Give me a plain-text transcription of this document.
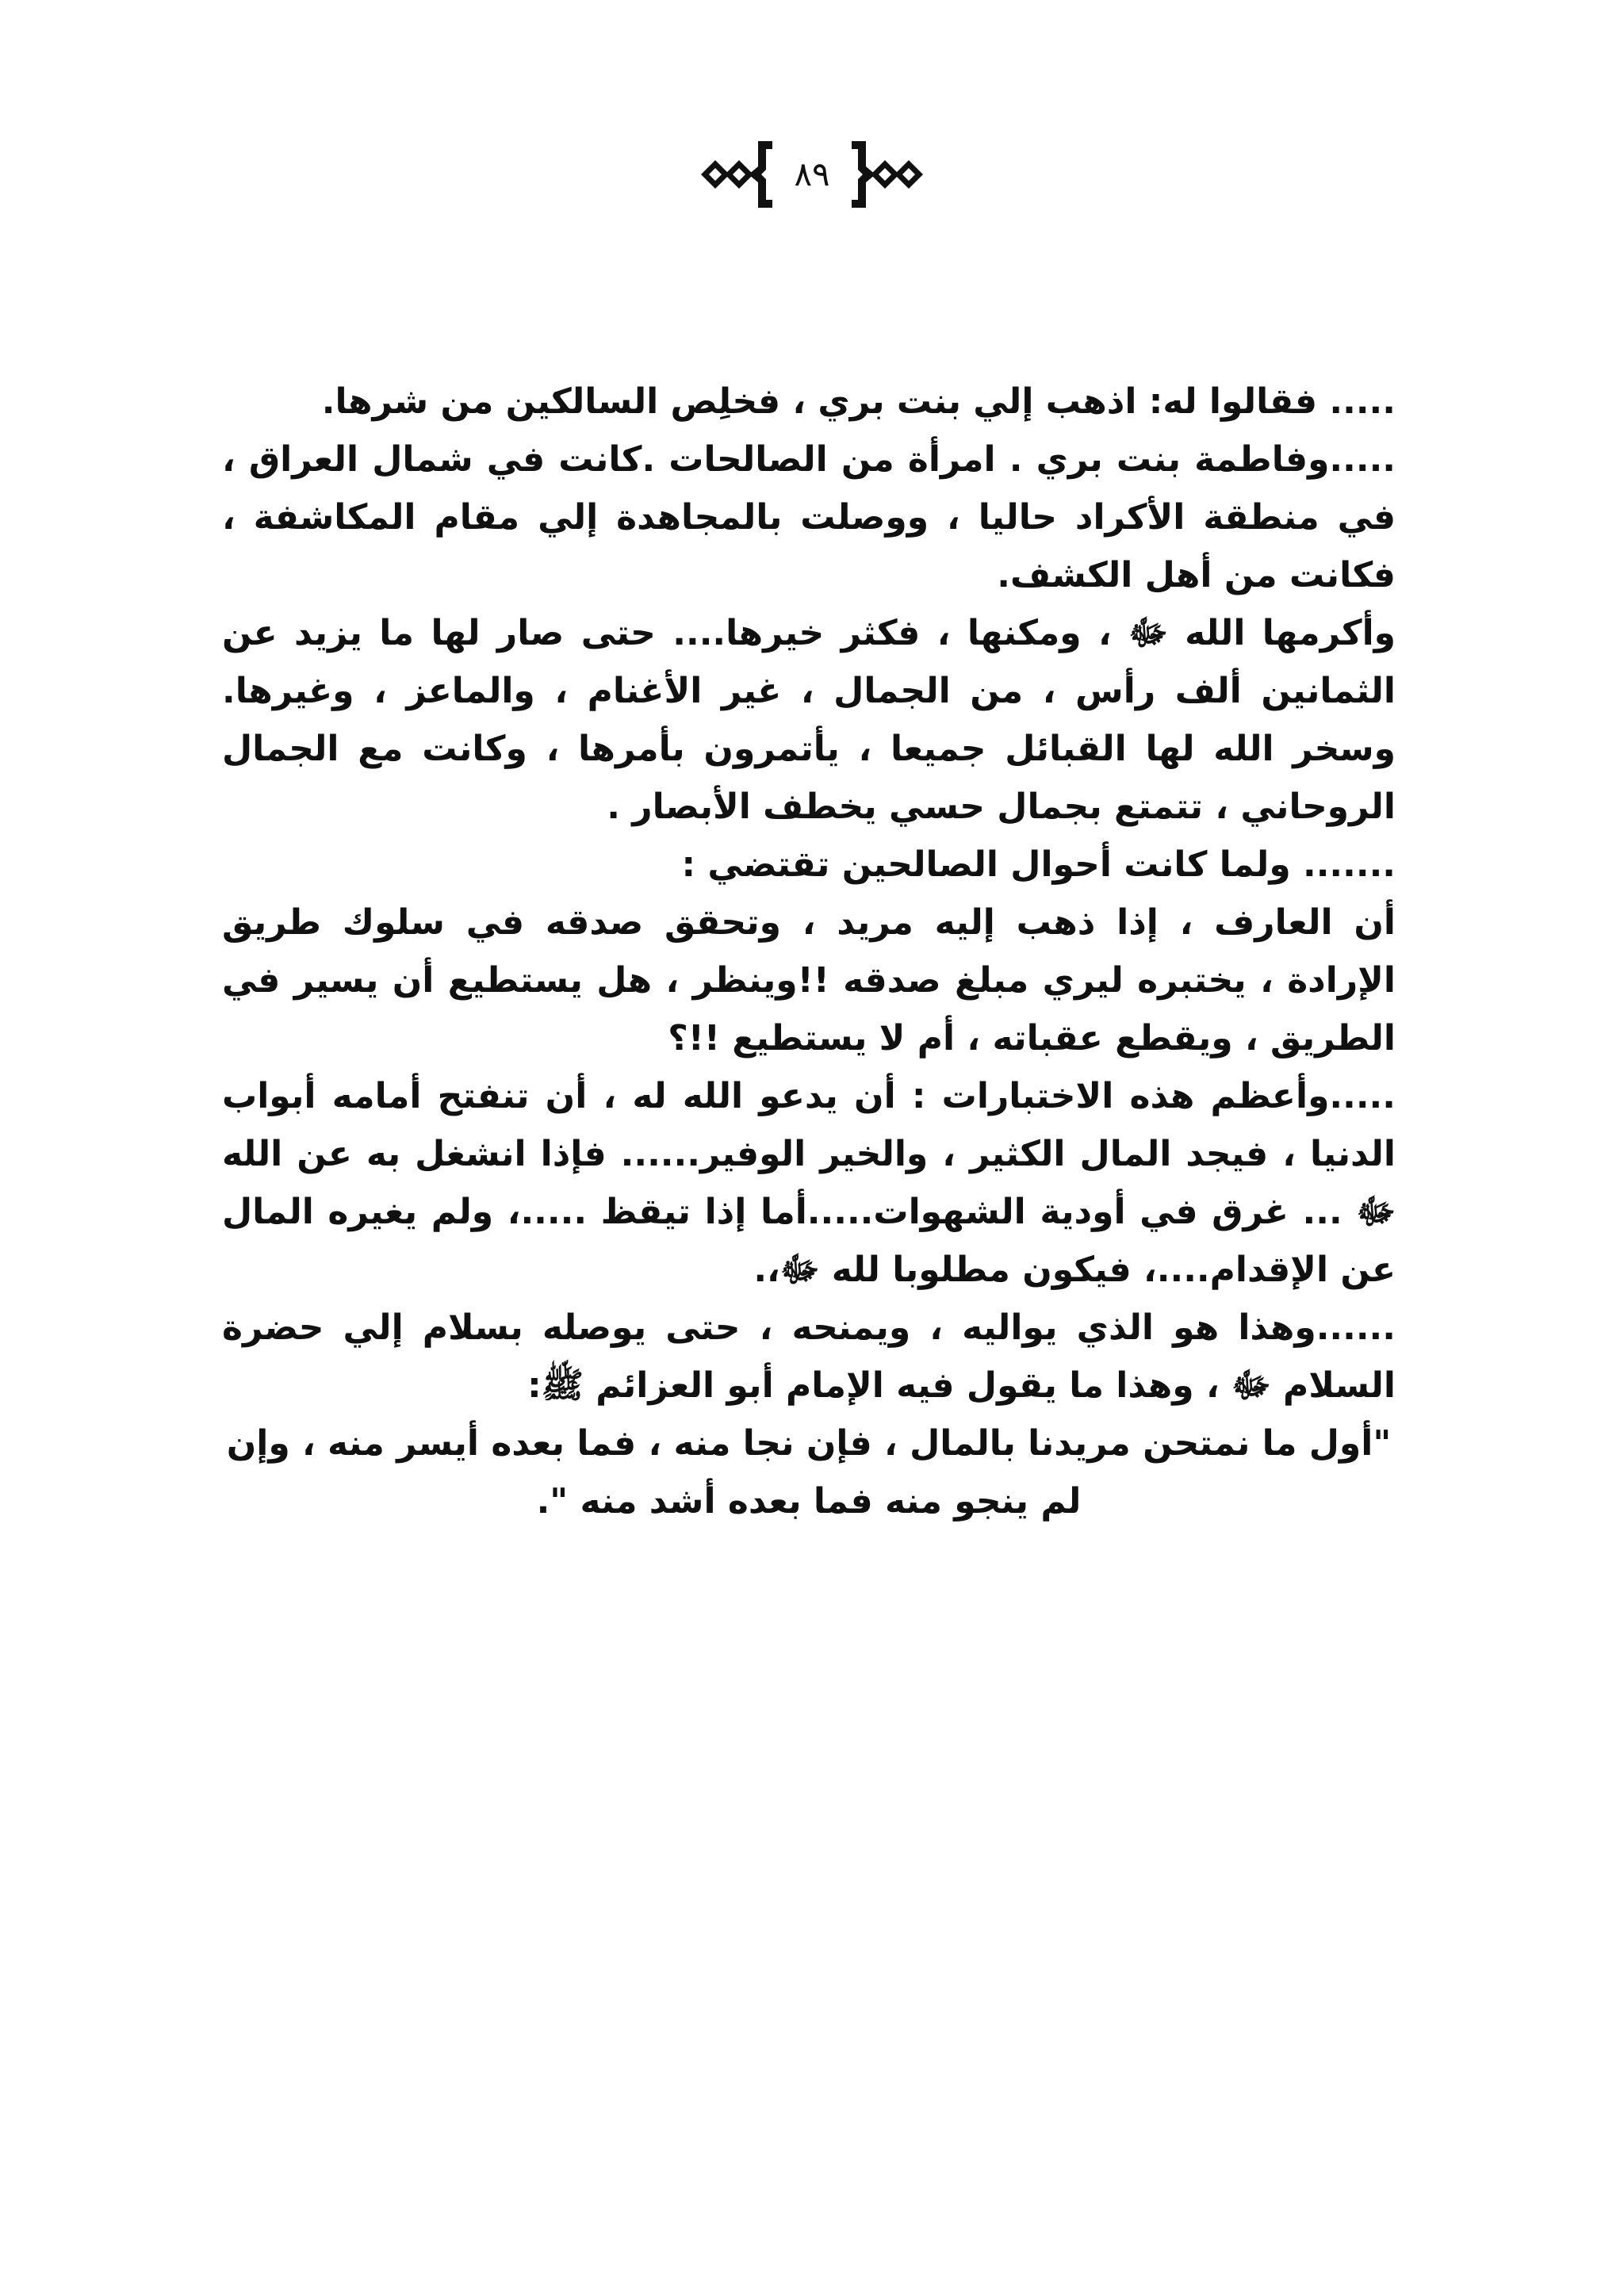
٨٩

..... فقالوا له: اذهب إلي بنت بري ، فخلِص السالكين من شرها.

.....وفاطمة بنت بري . امرأة من الصالحات .كانت في شمال العراق ، في منطقة الأكراد حاليا ، ووصلت بالمجاهدة إلي مقام المكاشفة ، فكانت من أهل الكشف.

وأكرمها الله ﷻ ، ومكنها ، فكثر خيرها.... حتى صار لها ما يزيد عن الثمانين ألف رأس ، من الجمال ، غير الأغنام ، والماعز ، وغيرها. وسخر الله لها القبائل جميعا ، يأتمرون بأمرها ، وكانت مع الجمال الروحاني ، تتمتع بجمال حسي يخطف الأبصار .

....... ولما كانت أحوال الصالحين تقتضي :

أن العارف ، إذا ذهب إليه مريد ، وتحقق صدقه في سلوك طريق الإرادة ، يختبره ليري مبلغ صدقه !!وينظر ، هل يستطيع أن يسير في الطريق ، ويقطع عقباته ، أم لا يستطيع !!؟

.....وأعظم هذه الاختبارات : أن يدعو الله له ، أن تنفتح أمامه أبواب الدنيا ، فيجد المال الكثير ، والخير الوفير...... فإذا انشغل به عن الله ﷻ ... غرق في أودية الشهوات.....أما إذا تيقظ .....، ولم يغيره المال عن الإقدام....، فيكون مطلوبا لله ﷻ،.

......وهذا هو الذي يواليه ، ويمنحه ، حتى يوصله بسلام إلي حضرة السلام ﷻ ، وهذا ما يقول فيه الإمام أبو العزائم ﷺ:

"أول ما نمتحن مريدنا بالمال ، فإن نجا منه ، فما بعده أيسر منه ، وإن لم ينجو منه فما بعده أشد منه ".
